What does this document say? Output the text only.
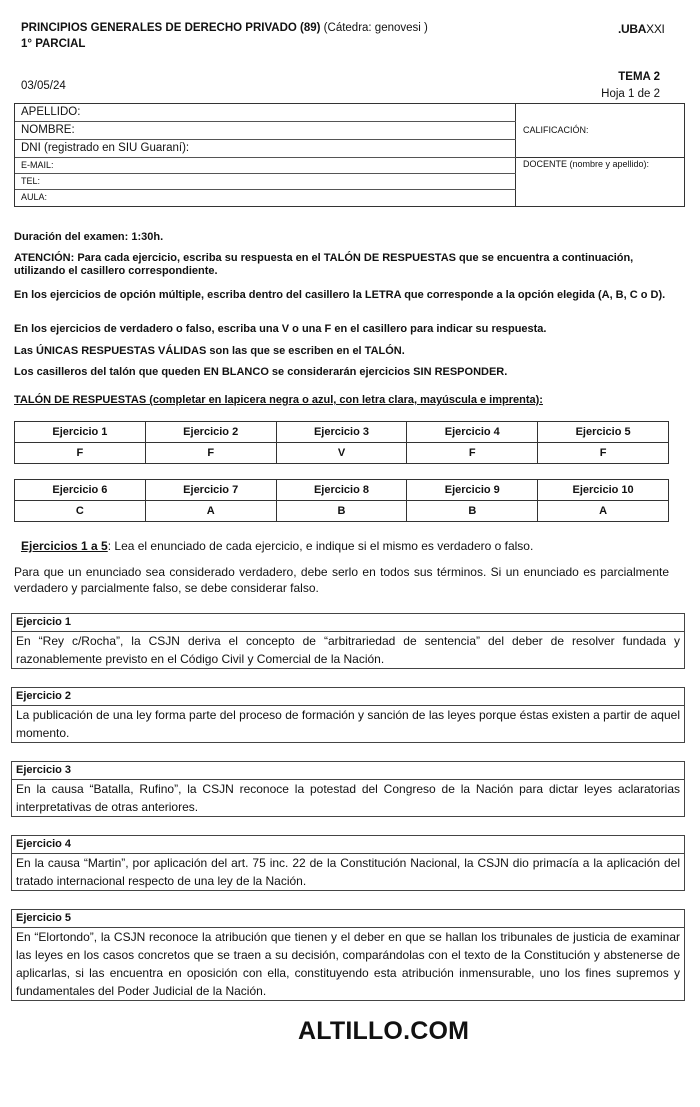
PRINCIPIOS GENERALES DE DERECHO PRIVADO (89) (Cátedra: genovesi )
1° PARCIAL
.UBAXXI
03/05/24
TEMA 2
Hoja 1 de 2
APELLIDO:
NOMBRE:
DNI (registrado en SIU Guaraní):
E-MAIL:
TEL:
AULA:
CALIFICACIÓN:
DOCENTE (nombre y apellido):
Duración del examen: 1:30h.
ATENCIÓN: Para cada ejercicio, escriba su respuesta en el TALÓN DE RESPUESTAS que se encuentra a continuación, utilizando el casillero correspondiente.
En los ejercicios de opción múltiple, escriba dentro del casillero la LETRA que corresponde a la opción elegida (A, B, C o D).
En los ejercicios de verdadero o falso, escriba una V o una F en el casillero para indicar su respuesta.
Las ÚNICAS RESPUESTAS VÁLIDAS son las que se escriben en el TALÓN.
Los casilleros del talón que queden EN BLANCO se considerarán ejercicios SIN RESPONDER.
TALÓN DE RESPUESTAS (completar en lapicera negra o azul, con letra clara, mayúscula e imprenta):
Ejercicio 1	Ejercicio 2	Ejercicio 3	Ejercicio 4	Ejercicio 5
F	F	V	F	F
Ejercicio 6	Ejercicio 7	Ejercicio 8	Ejercicio 9	Ejercicio 10
C	A	B	B	A
Ejercicios 1 a 5: Lea el enunciado de cada ejercicio, e indique si el mismo es verdadero o falso.
Para que un enunciado sea considerado verdadero, debe serlo en todos sus términos. Si un enunciado es parcialmente verdadero y parcialmente falso, se debe considerar falso.
Ejercicio 1
En “Rey c/Rocha”, la CSJN deriva el concepto de “arbitrariedad de sentencia” del deber de resolver fundada y razonablemente previsto en el Código Civil y Comercial de la Nación.
Ejercicio 2
La publicación de una ley forma parte del proceso de formación y sanción de las leyes porque éstas existen a partir de aquel momento.
Ejercicio 3
En la causa “Batalla, Rufino”, la CSJN reconoce la potestad del Congreso de la Nación para dictar leyes aclaratorias interpretativas de otras anteriores.
Ejercicio 4
En la causa “Martin”, por aplicación del art. 75 inc. 22 de la Constitución Nacional, la CSJN dio primacía a la aplicación del tratado internacional respecto de una ley de la Nación.
Ejercicio 5
En “Elortondo”, la CSJN reconoce la atribución que tienen y el deber en que se hallan los tribunales de justicia de examinar las leyes en los casos concretos que se traen a su decisión, comparándolas con el texto de la Constitución y abstenerse de aplicarlas, si las encuentra en oposición con ella, constituyendo esta atribución inmensurable, uno los fines supremos y fundamentales del Poder Judicial de la Nación.
ALTILLO.COM
